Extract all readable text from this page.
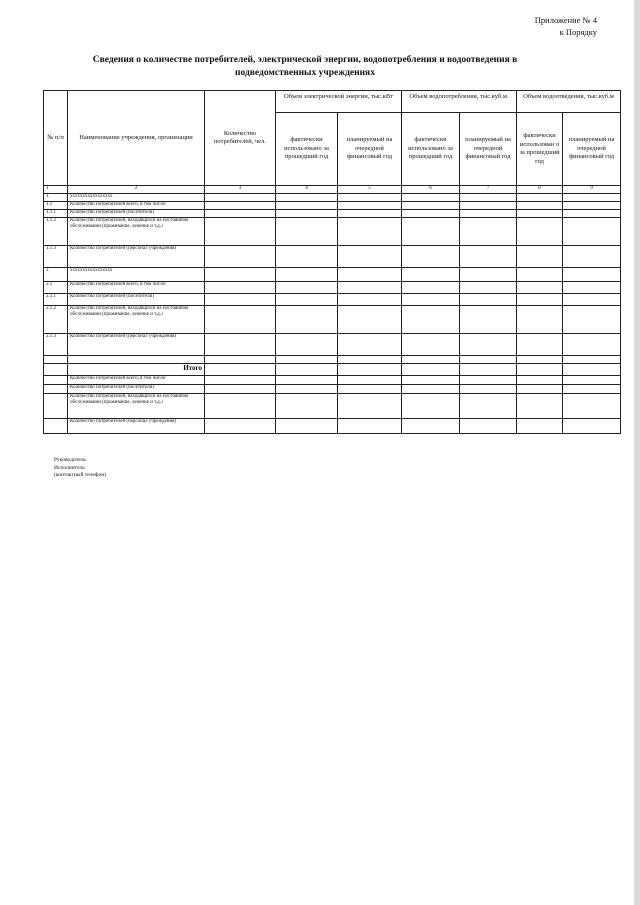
Приложение № 4
к Порядку
Сведения о количестве потребителей, электрической энергии, водопотребления и водоотведения в
подведомственных учреждениях
№ п/п	Наименование учреждения, организации	Количество потребителей, чел.	Объем электрической энергии, тыс.кВт		Объем водопотребления, тыс.куб.м.		Объем водоотведения, тыс.куб.м	
			фактически использовано за прошедший год	планируемый на очередной финансовый год	фактически использовано за прошедший год	планируемый на очередной финансовый год	фактически использован о за прошедший год	планируемый на очередной финансовый год
1	2	3	4	5	6	7	8	9
1.	ххххххххххххххххх							
1.1	Количество потребителей всего, в том числе:							
1.1.1	Количество потребителей (посетители)							
1.1.2	Количество потребителей, находящихся на постоянном обслуживании (проживание, лечение и т.д.)							
1.1.3	Количество потребителей (персонал учреждения)							
2	ххххххххххххххххх							
2.1	Количество потребителей всего, в том числе:							
2.1.1	Количество потребителей (посетители)							
2.1.2	Количество потребителей, находящихся на постоянном обслуживании (проживание, лечение и т.д.)							
2.1.3	Количество потребителей (персонал учреждения)							

	Итого							
	Количество потребителей всего, в том числе:							
	Количество потребителей (посетители)							
	Количество потребителей, находящихся на постоянном обслуживании (проживание, лечение и т.д.)							
	Количество потребителей (персонал учреждения)							
Руководитель
Исполнитель
(контактный телефон)
